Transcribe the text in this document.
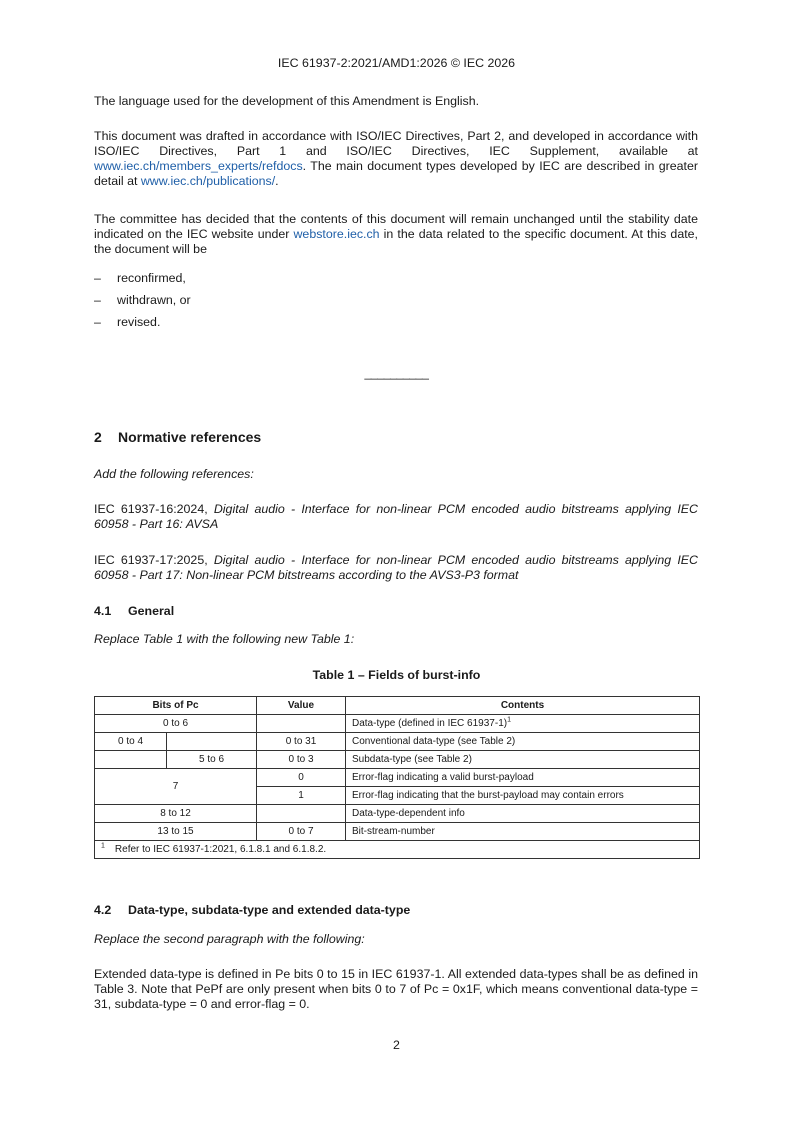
IEC 61937-2:2021/AMD1:2026 © IEC 2026

The language used for the development of this Amendment is English.

This document was drafted in accordance with ISO/IEC Directives, Part 2, and developed in accordance with ISO/IEC Directives, Part 1 and ISO/IEC Directives, IEC Supplement, available at www.iec.ch/members_experts/refdocs. The main document types developed by IEC are described in greater detail at www.iec.ch/publications/.

The committee has decided that the contents of this document will remain unchanged until the stability date indicated on the IEC website under webstore.iec.ch in the data related to the specific document. At this date, the document will be

– reconfirmed,
– withdrawn, or
– revised.
__________
2 Normative references

Add the following references:

IEC 61937-16:2024, Digital audio - Interface for non-linear PCM encoded audio bitstreams applying IEC 60958 - Part 16: AVSA

IEC 61937-17:2025, Digital audio - Interface for non-linear PCM encoded audio bitstreams applying IEC 60958 - Part 17: Non-linear PCM bitstreams according to the AVS3-P3 format

4.1 General

Replace Table 1 with the following new Table 1:

Table 1 – Fields of burst-info
Bits of Pc		Value	Contents
0 to 6			Data-type (defined in IEC 61937-1)$^1$
0 to 4		0 to 31	Conventional data-type (see Table 2)
	5 to 6	0 to 3	Subdata-type (see Table 2)
7		0	Error-flag indicating a valid burst-payload
		1	Error-flag indicating that the burst-payload may contain errors
8 to 12			Data-type-dependent info
13 to 15		0 to 7	Bit-stream-number
$^1$ Refer to IEC 61937-1:2021, 6.1.8.1 and 6.1.8.2.			
4.2 Data-type, subdata-type and extended data-type

Replace the second paragraph with the following:

Extended data-type is defined in Pe bits 0 to 15 in IEC 61937-1. All extended data-types shall be as defined in Table 3. Note that PePf are only present when bits 0 to 7 of Pc = 0x1F, which means conventional data-type = 31, subdata-type = 0 and error-flag = 0.

2
